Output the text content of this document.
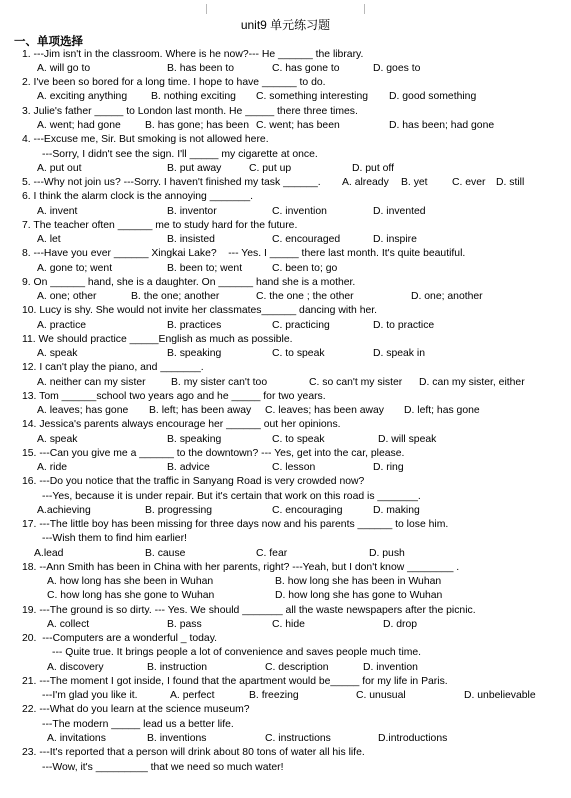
unit9 单元练习题
一、单项选择
1. ---Jim isn't in the classroom. Where is he now?--- He ______ the library.
A. will go to	B. has been to	C. has gone to	D. goes to
2. I've been so bored for a long time. I hope to have ______ to do.
A. exciting anything B. nothing exciting C. something interesting D. good something
3. Julie's father _____ to London last month. He _____ there three times.
A. went; had gone B. has gone; has been C. went; has been	D. has been; had gone
4. ---Excuse me, Sir. But smoking is not allowed here.
---Sorry, I didn't see the sign. I'll _____ my cigarette at once.
A. put out	B. put away	C. put up	D. put off
5. ---Why not join us? ---Sorry. I haven't finished my task ______.	A. already B. yet C. ever D. still
6. I think the alarm clock is the annoying _______.
A. invent	B. inventor	C. invention	D. invented
7. The teacher often ______ me to study hard for the future.
A. let	B. insisted	C. encouraged	D. inspire
8. ---Have you ever ______ Xingkai Lake?    --- Yes. I _____ there last month. It's quite beautiful.
A. gone to; went	B. been to; went	C. been to; go
9. On ______ hand, she is a daughter. On ______ hand she is a mother.
A. one; other	B. the one; another	C. the one ; the other	D. one; another
10. Lucy is shy. She would not invite her classmates______ dancing with her.
A. practice	B. practices	C. practicing	D. to practice
11. We should practice _____English as much as possible.
A. speak	B. speaking	C. to speak	D. speak in
12. I can't play the piano, and _______.
A. neither can my sister B. my sister can't too	C. so can't my sister D. can my sister, either
13. Tom ______school two years ago and he _____ for two years.
A. leaves; has gone B. left; has been away C. leaves; has been away D. left; has gone
14. Jessica's parents always encourage her ______ out her opinions.
A. speak	B. speaking	C. to speak	D. will speak
15. ---Can you give me a ______ to the downtown? --- Yes, get into the car, please.
A. ride	B. advice	C. lesson	D. ring
16. ---Do you notice that the traffic in Sanyang Road is very crowded now?
---Yes, because it is under repair. But it's certain that work on this road is _______.
A.achieving	B. progressing	C. encouraging	D. making
17. ---The little boy has been missing for three days now and his parents ______ to lose him.
---Wish them to find him earlier!
A.lead	B. cause	C. fear	D. push
18. --Ann Smith has been in China with her parents, right? ---Yeah, but I don't know ________ .
A. how long has she been in Wuhan	B. how long she has been in Wuhan
C. how long has she gone to Wuhan	D. how long she has gone to Wuhan
19. ---The ground is so dirty. --- Yes. We should _______ all the waste newspapers after the picnic.
A. collect	B. pass	C. hide	D. drop
20.  ---Computers are a wonderful _ today.
--- Quite true. It brings people a lot of convenience and saves people much time.
A. discovery	B. instruction	C. description	D. invention
21. ---The moment I got inside, I found that the apartment would be_____ for my life in Paris.
---I'm glad you like it.	A. perfect	B. freezing	C. unusual	D. unbelievable
22. ---What do you learn at the science museum?
---The modern _____ lead us a better life.
A. invitations	B. inventions	C. instructions	D.introductions
23. ---It's reported that a person will drink about 80 tons of water all his life.
---Wow, it's _________ that we need so much water!
